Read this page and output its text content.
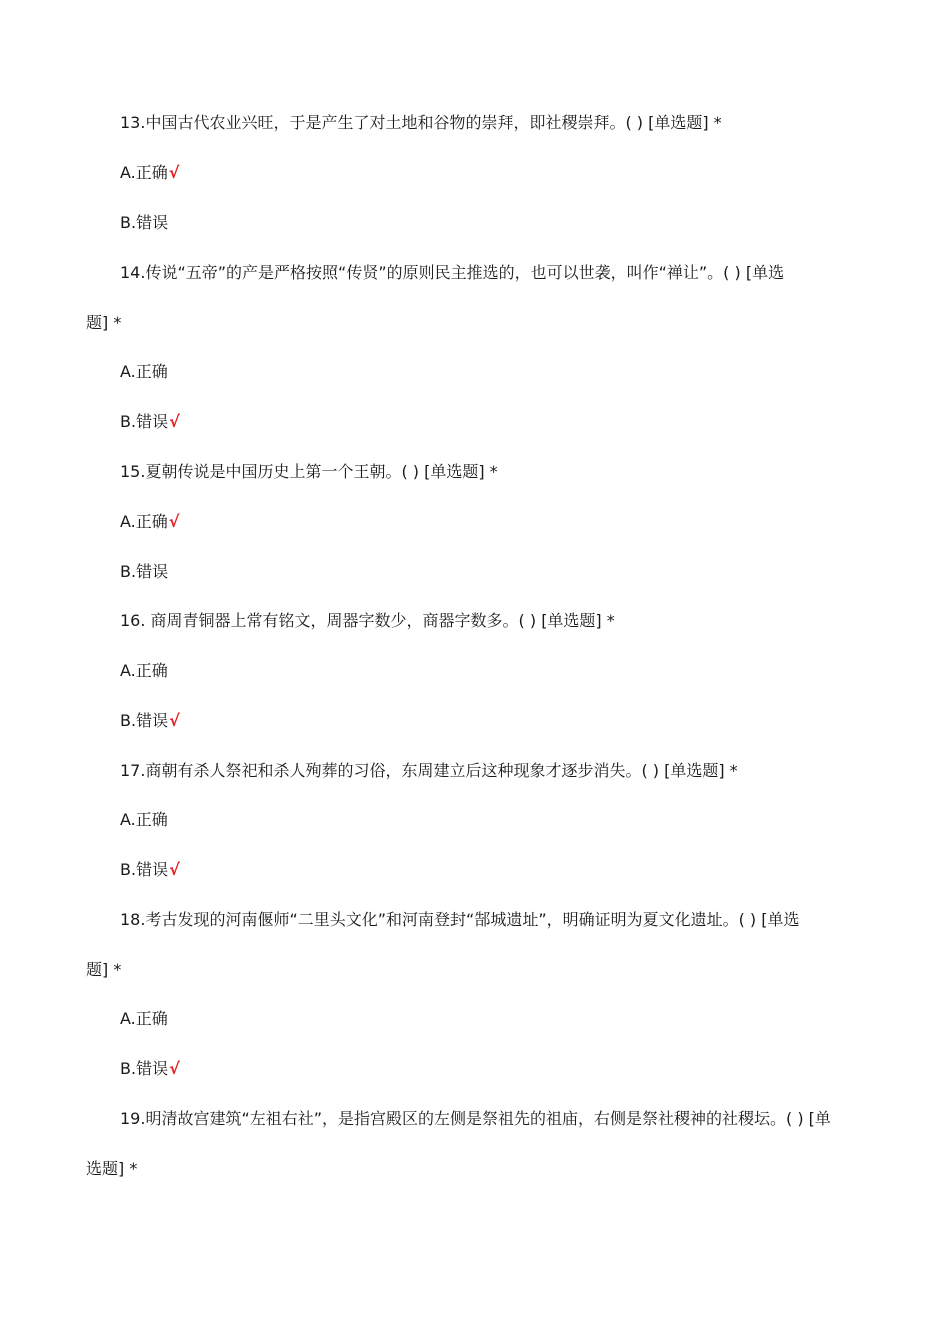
13.中国古代农业兴旺，于是产生了对土地和谷物的崇拜，即社稷崇拜。( ) [单选题] *
A.正确√
B.错误
14.传说“五帝”的产是严格按照“传贤”的原则民主推选的，也可以世袭，叫作“禅让”。( ) [单选
题] *
A.正确
B.错误√
15.夏朝传说是中国历史上第一个王朝。( ) [单选题] *
A.正确√
B.错误
16. 商周青铜器上常有铭文，周器字数少，商器字数多。( ) [单选题] *
A.正确
B.错误√
17.商朝有杀人祭祀和杀人殉葬的习俗，东周建立后这种现象才逐步消失。( ) [单选题] *
A.正确
B.错误√
18.考古发现的河南偃师“二里头文化”和河南登封“郜城遗址”，明确证明为夏文化遗址。( ) [单选
题] *
A.正确
B.错误√
19.明清故宫建筑“左祖右社”，是指宫殿区的左侧是祭祖先的祖庙，右侧是祭社稷神的社稷坛。( ) [单
选题] *
